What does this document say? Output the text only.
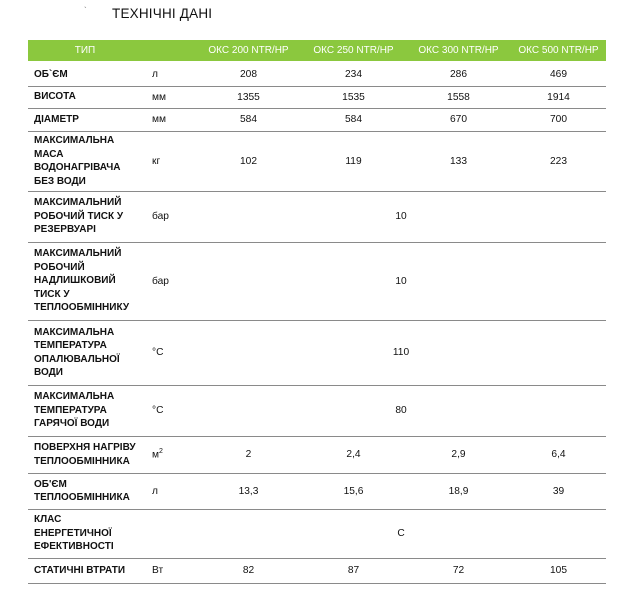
` ТЕХНІЧНІ ДАНІ
ТИП		ОКС 200 NTR/HP	ОКС 250 NTR/HP	ОКС 300 NTR/HP	ОКС 500 NTR/HP
ОБ`ЄМ	л	208	234	286	469
ВИСОТА	мм	1355	1535	1558	1914
ДІАМЕТР	мм	584	584	670	700
МАКСИМАЛЬНА МАСА ВОДОНАГРІВАЧА БЕЗ ВОДИ	кг	102	119	133	223
МАКСИМАЛЬНИЙ РОБОЧИЙ ТИСК У РЕЗЕРВУАРІ	бар	10			
МАКСИМАЛЬНИЙ РОБОЧИЙ НАДЛИШКОВИЙ ТИСК У ТЕПЛООБМІННИКУ	бар	10			
МАКСИМАЛЬНА ТЕМПЕРАТУРА ОПАЛЮВАЛЬНОЇ ВОДИ	°C	110			
МАКСИМАЛЬНА ТЕМПЕРАТУРА ГАРЯЧОЇ ВОДИ	°C	80			
ПОВЕРХНЯ НАГРІВУ ТЕПЛООБМІННИКА	$м^2$	2	2,4	2,9	6,4
ОБ'ЄМ ТЕПЛООБМІННИКА	л	13,3	15,6	18,9	39
КЛАС ЕНЕРГЕТИЧНОЇ ЕФЕКТИВНОСТІ		C			
СТАТИЧНІ ВТРАТИ	Вт	82	87	72	105
